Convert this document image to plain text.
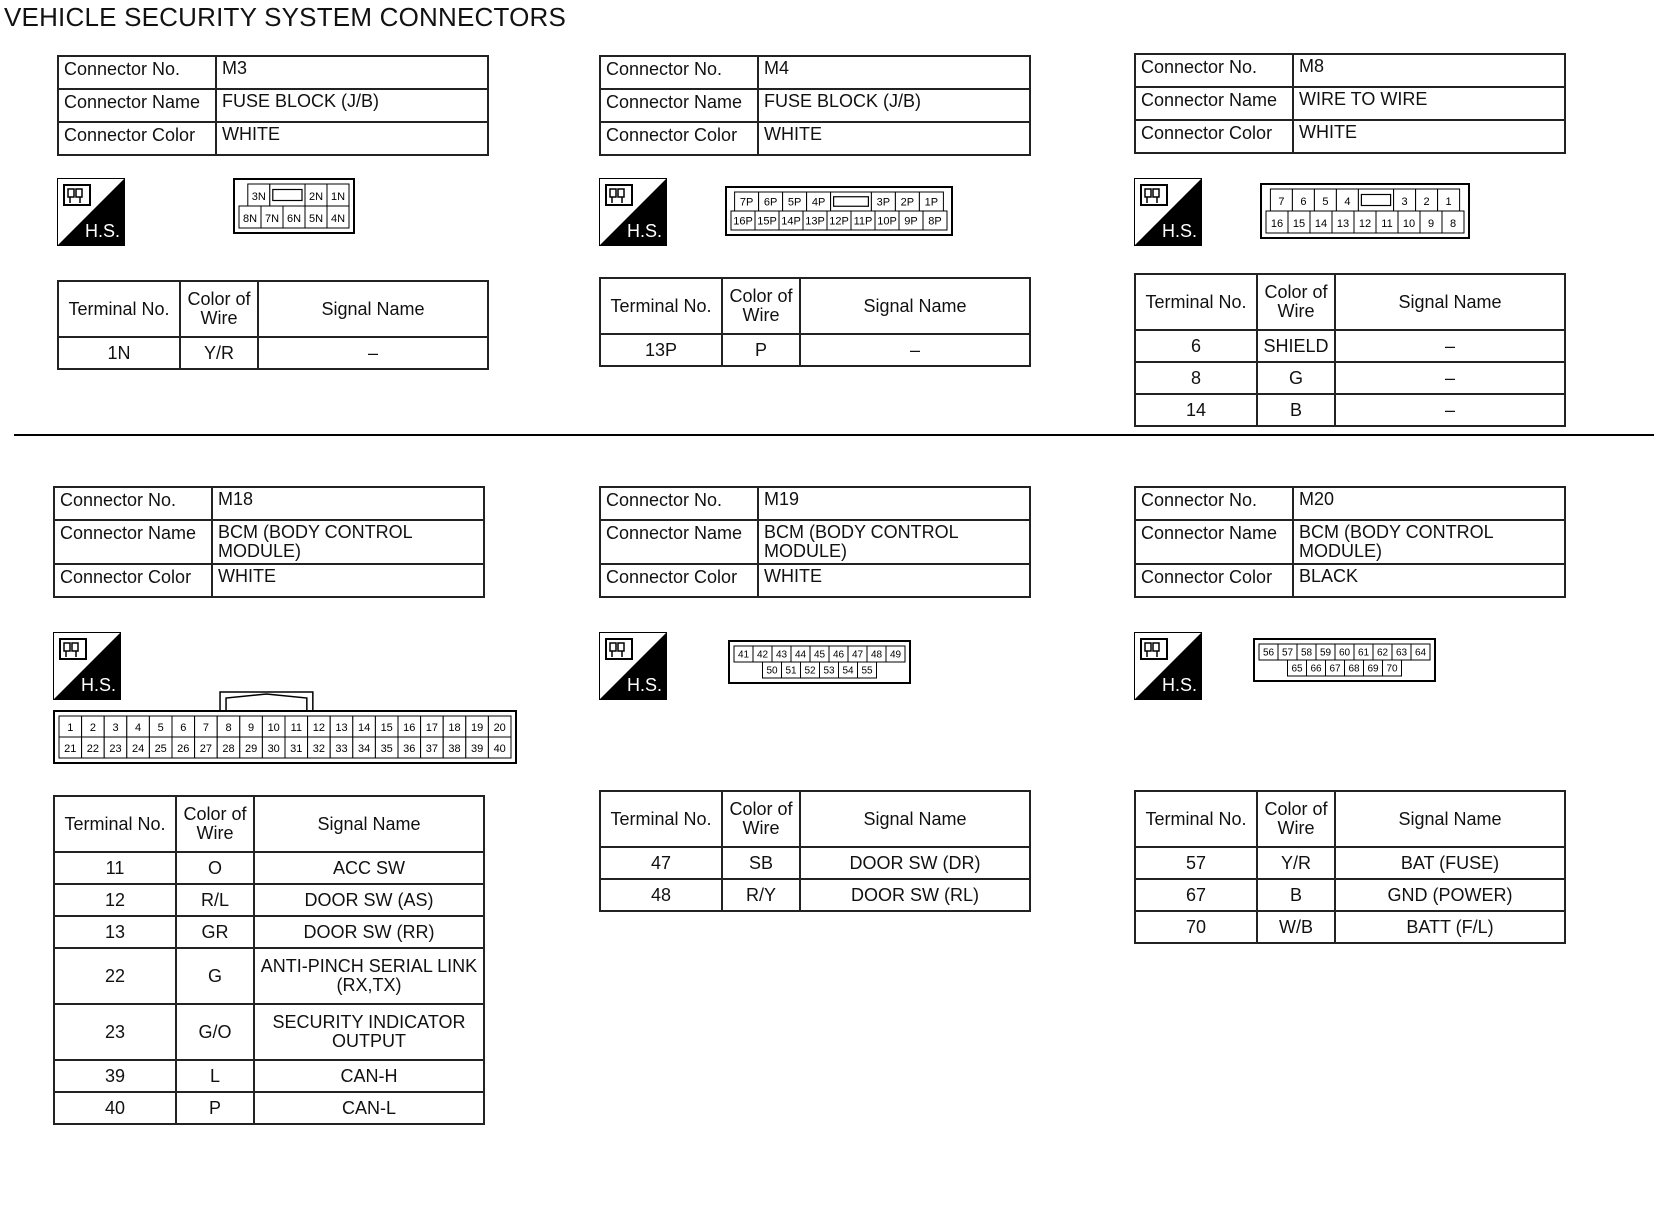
VEHICLE SECURITY SYSTEM CONNECTORS
Connector No.	M3
Connector Name	FUSE BLOCK (J/B)
Connector Color	WHITE
H.S.
3N	2N 1N
8N 7N 6N 5N 4N
Terminal No.	Color of Wire	Signal Name
1N	Y/R	–
Connector No.	M4
Connector Name	FUSE BLOCK (J/B)
Connector Color	WHITE
H.S.
7P 6P 5P 4P	3P 2P 1P
16P 15P 14P 13P 12P 11P 10P 9P 8P
Terminal No.	Color of Wire	Signal Name
13P	P	–
Connector No.	M8
Connector Name	WIRE TO WIRE
Connector Color	WHITE
H.S.
7 6 5 4	3 2 1
16 15 14 13 12 11 10 9 8
Terminal No.	Color of Wire	Signal Name
6	SHIELD	–
8	G	–
14	B	–
Connector No.	M18
Connector Name	BCM (BODY CONTROL MODULE)
Connector Color	WHITE
H.S.
1 2 3 4 5 6 7 8 9 10 11 12 13 14 15 16 17 18 19 20
21 22 23 24 25 26 27 28 29 30 31 32 33 34 35 36 37 38 39 40
Terminal No.	Color of Wire	Signal Name
11	O	ACC SW
12	R/L	DOOR SW (AS)
13	GR	DOOR SW (RR)
22	G	ANTI-PINCH SERIAL LINK (RX,TX)
23	G/O	SECURITY INDICATOR OUTPUT
39	L	CAN-H
40	P	CAN-L
Connector No.	M19
Connector Name	BCM (BODY CONTROL MODULE)
Connector Color	WHITE
H.S.
41 42 43 44 45 46 47 48 49
50 51 52 53 54 55
Terminal No.	Color of Wire	Signal Name
47	SB	DOOR SW (DR)
48	R/Y	DOOR SW (RL)
Connector No.	M20
Connector Name	BCM (BODY CONTROL MODULE)
Connector Color	BLACK
H.S.
56 57 58 59 60 61 62 63 64
65 66 67 68 69 70
Terminal No.	Color of Wire	Signal Name
57	Y/R	BAT (FUSE)
67	B	GND (POWER)
70	W/B	BATT (F/L)
